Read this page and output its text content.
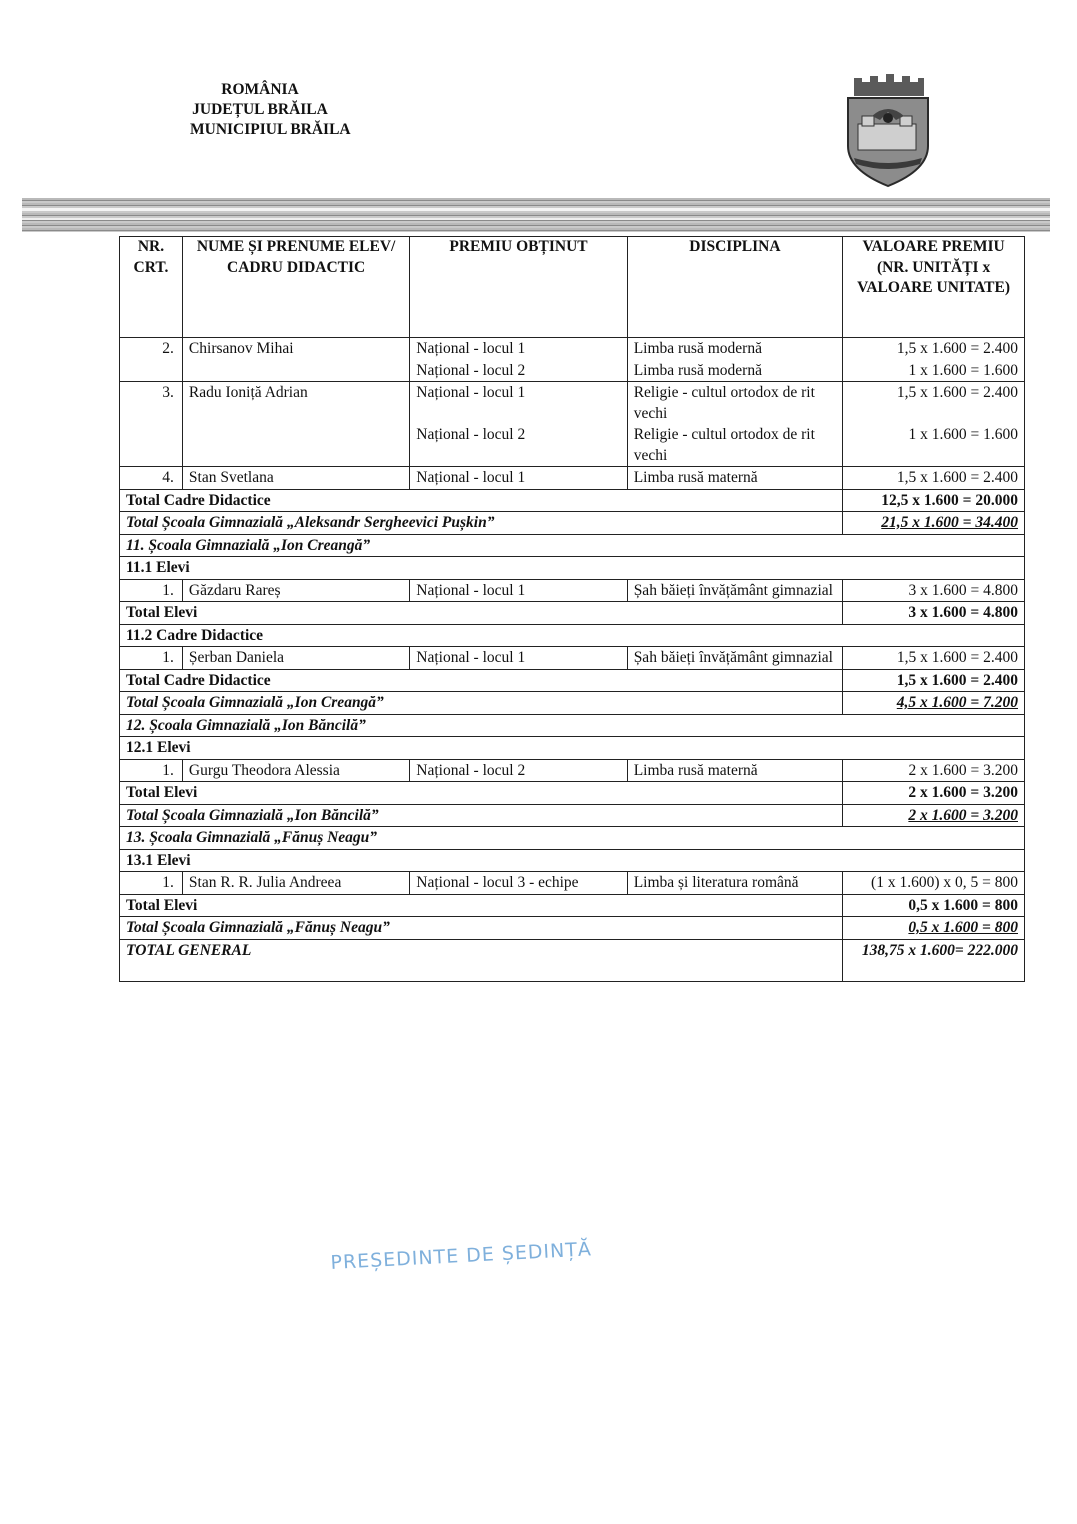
ROMÂNIA
JUDEȚUL BRĂILA
MUNICIPIUL BRĂILA
NR. CRT.	NUME ȘI PRENUME ELEV/ CADRU DIDACTIC	PREMIU OBȚINUT	DISCIPLINA	VALOARE PREMIU (NR. UNITĂȚI x VALOARE UNITATE)
2.	Chirsanov Mihai	Național - locul 1	Limba rusă modernă	1,5 x 1.600 = 2.400
		Național - locul 2	Limba rusă modernă	1 x 1.600 = 1.600
3.	Radu Ioniță Adrian	Național - locul 1	Religie - cultul ortodox de rit vechi	1,5 x 1.600 = 2.400
		Național - locul 2	Religie - cultul ortodox de rit vechi	1 x 1.600 = 1.600
4.	Stan Svetlana	Național - locul 1	Limba rusă maternă	1,5 x 1.600 = 2.400
Total Cadre Didactice				12,5 x 1.600 = 20.000
Total Școala Gimnazială „Aleksandr Sergheevici Pușkin”				21,5 x 1.600 = 34.400
11. Școala Gimnazială „Ion Creangă”				
11.1 Elevi				
1.	Găzdaru Rareș	Național - locul 1	Șah băieți învățământ gimnazial	3 x 1.600 = 4.800
Total Elevi				3 x 1.600 = 4.800
11.2 Cadre Didactice				
1.	Șerban Daniela	Național - locul 1	Șah băieți învățământ gimnazial	1,5 x 1.600 = 2.400
Total Cadre Didactice				1,5 x 1.600 = 2.400
Total Școala Gimnazială „Ion Creangă”				4,5 x 1.600 = 7.200
12. Școala Gimnazială „Ion Băncilă”				
12.1 Elevi				
1.	Gurgu Theodora Alessia	Național - locul 2	Limba rusă maternă	2 x 1.600 = 3.200
Total Elevi				2 x 1.600 = 3.200
Total Școala Gimnazială „Ion Băncilă”				2 x 1.600 = 3.200
13. Școala Gimnazială „Fănuș Neagu”				
13.1 Elevi				
1.	Stan R. R. Julia Andreea	Național - locul 3 - echipe	Limba și literatura română	(1 x 1.600) x 0, 5 = 800
Total Elevi				0,5 x 1.600 = 800
Total Școala Gimnazială „Fănuș Neagu”				0,5 x 1.600 = 800
TOTAL GENERAL				138,75 x 1.600= 222.000
PREȘEDINTE DE ȘEDINȚĂ
